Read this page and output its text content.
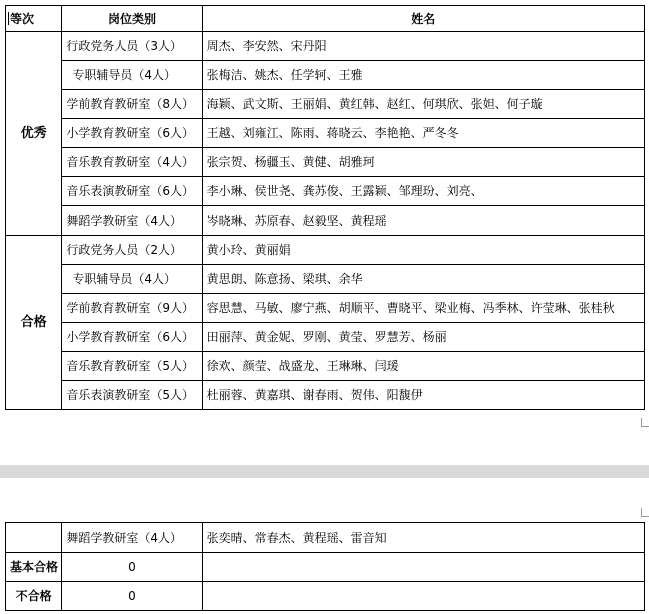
等次	岗位类别	姓名
优秀	行政党务人员（3人）	周杰、李安然、宋丹阳
	专职辅导员（4人）	张梅洁、姚杰、任学轲、王雅
	学前教育教研室（8人）	海颖、武文斯、王丽娟、黄红韩、赵红、何琪欣、张妲、何子璇
	小学教育教研室（6人）	王越、刘雍江、陈雨、蒋晓云、李艳艳、严冬冬
	音乐教育教研室（4人）	张宗贺、杨疆玉、黄健、胡雅珂
	音乐表演教研室（6人）	李小琳、侯世尧、龚苏俊、王露颖、邹理玢、刘亮、
	舞蹈学教研室（4人）	岑晓琳、苏原春、赵毅坚、黄程瑶
合格	行政党务人员（2人）	黄小玲、黄丽娟
	专职辅导员（4人）	黄思朗、陈意扬、梁琪、余华
	学前教育教研室（9人）	容思慧、马敏、廖宁燕、胡顺平、曹晓平、梁业梅、冯季林、许莹琳、张桂秋
	小学教育教研室（6人）	田丽萍、黄金妮、罗刚、黄莹、罗慧芳、杨丽
	音乐教育教研室（5人）	徐欢、颜莹、战盛龙、王琳琳、闫瑗
	音乐表演教研室（5人）	杜丽蓉、黄嘉琪、谢春雨、贺伟、阳馥伊
	舞蹈学教研室（4人）	张奕晴、常春杰、黄程瑶、雷音知
基本合格	0	
不合格	0	
